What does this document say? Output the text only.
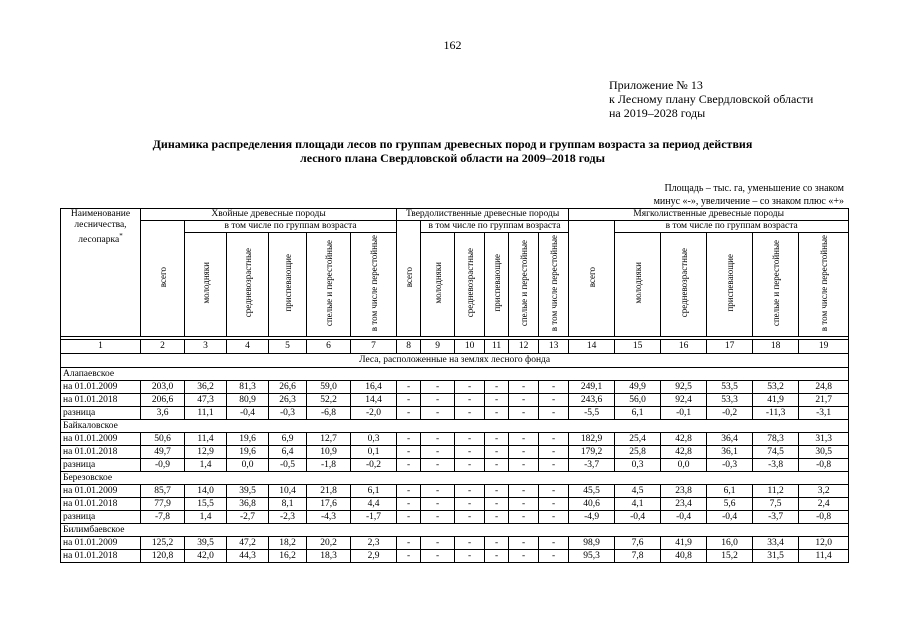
162
Приложение № 13
к Лесному плану Свердловской области
на 2019–2028 годы
Динамика распределения площади лесов по группам древесных пород и группам возраста за период действия
лесного плана Свердловской области на 2009–2018 годы
Площадь – тыс. га, уменьшение со знаком
минус «-», увеличение – со знаком плюс «+»
Наименование лесничества, лесопарка*	Хвойные древесные породы						Твердолиственные древесные породы						Мягколиственные древесные породы					
	всего	в том числе по группам возраста					всего	в том числе по группам возраста					всего	в том числе по группам возраста				
		молодняки	средневозрастные	приспевающие	спелые и перестойные	в том числе перестойные		молодняки	средневозрастные	приспевающие	спелые и перестойные	в том числе перестойные		молодняки	средневозрастные	приспевающие	спелые и перестойные	в том числе перестойные

1	2	3	4	5	6	7	8	9	10	11	12	13	14	15	16	17	18	19
Леса, расположенные на землях лесного фонда																		
Алапаевское																		
на 01.01.2009	203,0	36,2	81,3	26,6	59,0	16,4	-	-	-	-	-	-	249,1	49,9	92,5	53,5	53,2	24,8
на 01.01.2018	206,6	47,3	80,9	26,3	52,2	14,4	-	-	-	-	-	-	243,6	56,0	92,4	53,3	41,9	21,7
разница	3,6	11,1	-0,4	-0,3	-6,8	-2,0	-	-	-	-	-	-	-5,5	6,1	-0,1	-0,2	-11,3	-3,1
Байкаловское																		
на 01.01.2009	50,6	11,4	19,6	6,9	12,7	0,3	-	-	-	-	-	-	182,9	25,4	42,8	36,4	78,3	31,3
на 01.01.2018	49,7	12,9	19,6	6,4	10,9	0,1	-	-	-	-	-	-	179,2	25,8	42,8	36,1	74,5	30,5
разница	-0,9	1,4	0,0	-0,5	-1,8	-0,2	-	-	-	-	-	-	-3,7	0,3	0,0	-0,3	-3,8	-0,8
Березовское																		
на 01.01.2009	85,7	14,0	39,5	10,4	21,8	6,1	-	-	-	-	-	-	45,5	4,5	23,8	6,1	11,2	3,2
на 01.01.2018	77,9	15,5	36,8	8,1	17,6	4,4	-	-	-	-	-	-	40,6	4,1	23,4	5,6	7,5	2,4
разница	-7,8	1,4	-2,7	-2,3	-4,3	-1,7	-	-	-	-	-	-	-4,9	-0,4	-0,4	-0,4	-3,7	-0,8
Билимбаевское																		
на 01.01.2009	125,2	39,5	47,2	18,2	20,2	2,3	-	-	-	-	-	-	98,9	7,6	41,9	16,0	33,4	12,0
на 01.01.2018	120,8	42,0	44,3	16,2	18,3	2,9	-	-	-	-	-	-	95,3	7,8	40,8	15,2	31,5	11,4
